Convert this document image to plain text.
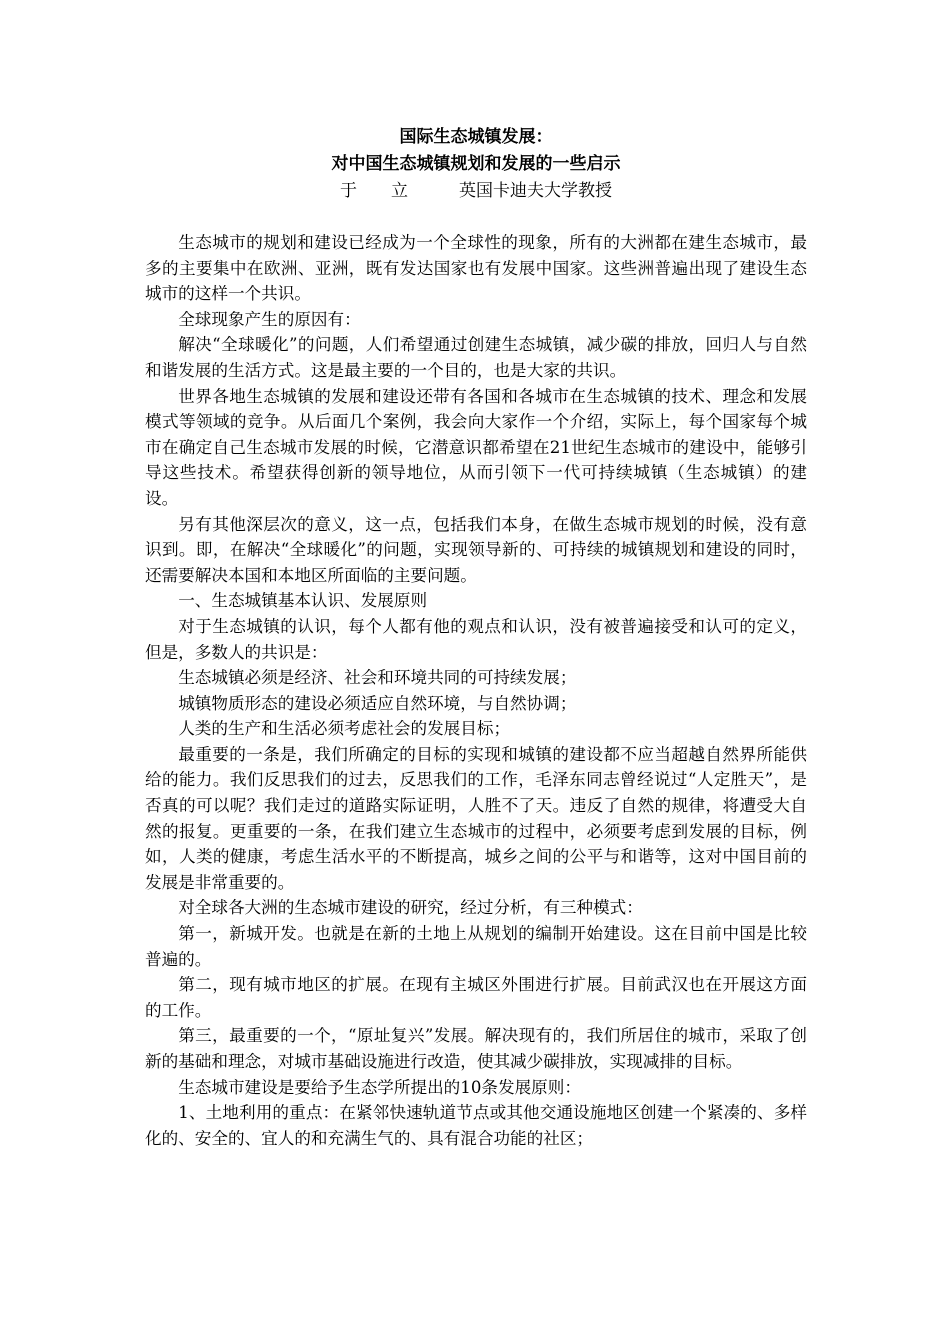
国际生态城镇发展：
对中国生态城镇规划和发展的一些启示

于　　立　　　英国卡迪夫大学教授

生态城市的规划和建设已经成为一个全球性的现象，所有的大洲都在建生态城市，最多的主要集中在欧洲、亚洲，既有发达国家也有发展中国家。这些洲普遍出现了建设生态城市的这样一个共识。

全球现象产生的原因有：

解决“全球暖化”的问题，人们希望通过创建生态城镇，减少碳的排放，回归人与自然和谐发展的生活方式。这是最主要的一个目的，也是大家的共识。

世界各地生态城镇的发展和建设还带有各国和各城市在生态城镇的技术、理念和发展模式等领域的竞争。从后面几个案例，我会向大家作一个介绍，实际上，每个国家每个城市在确定自己生态城市发展的时候，它潜意识都希望在21世纪生态城市的建设中，能够引导这些技术。希望获得创新的领导地位，从而引领下一代可持续城镇（生态城镇）的建设。

另有其他深层次的意义，这一点，包括我们本身，在做生态城市规划的时候，没有意识到。即，在解决“全球暖化”的问题，实现领导新的、可持续的城镇规划和建设的同时，还需要解决本国和本地区所面临的主要问题。

一、生态城镇基本认识、发展原则

对于生态城镇的认识，每个人都有他的观点和认识，没有被普遍接受和认可的定义，但是，多数人的共识是：

生态城镇必须是经济、社会和环境共同的可持续发展；

城镇物质形态的建设必须适应自然环境，与自然协调；

人类的生产和生活必须考虑社会的发展目标；

最重要的一条是，我们所确定的目标的实现和城镇的建设都不应当超越自然界所能供给的能力。我们反思我们的过去，反思我们的工作，毛泽东同志曾经说过“人定胜天”，是否真的可以呢？我们走过的道路实际证明，人胜不了天。违反了自然的规律，将遭受大自然的报复。更重要的一条，在我们建立生态城市的过程中，必须要考虑到发展的目标，例如，人类的健康，考虑生活水平的不断提高，城乡之间的公平与和谐等，这对中国目前的发展是非常重要的。

对全球各大洲的生态城市建设的研究，经过分析，有三种模式：

第一，新城开发。也就是在新的土地上从规划的编制开始建设。这在目前中国是比较普遍的。

第二，现有城市地区的扩展。在现有主城区外围进行扩展。目前武汉也在开展这方面的工作。

第三，最重要的一个，“原址复兴”发展。解决现有的，我们所居住的城市，采取了创新的基础和理念，对城市基础设施进行改造，使其减少碳排放，实现减排的目标。

生态城市建设是要给予生态学所提出的10条发展原则：

1、土地利用的重点：在紧邻快速轨道节点或其他交通设施地区创建一个紧凑的、多样化的、安全的、宜人的和充满生气的、具有混合功能的社区；
